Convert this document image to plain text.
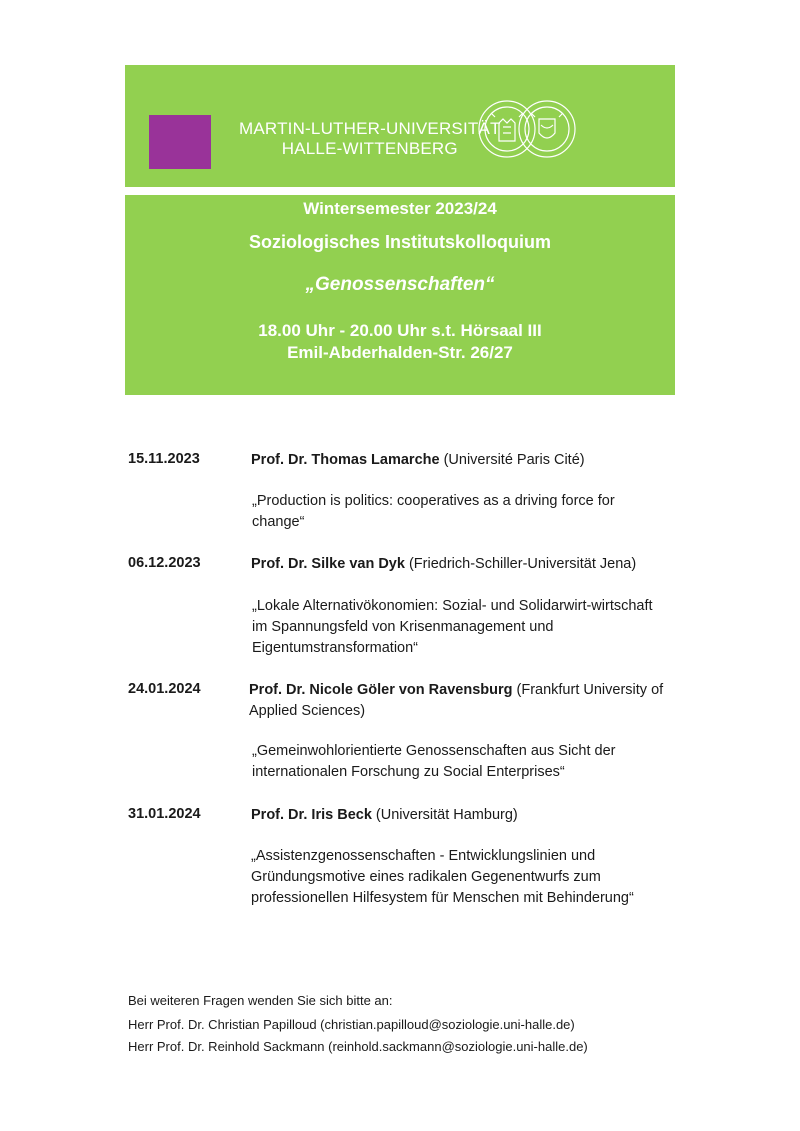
MARTIN-LUTHER-UNIVERSITÄT
HALLE-WITTENBERG
Wintersemester 2023/24
Soziologisches Institutskolloquium
„Genossenschaften“
18.00 Uhr - 20.00 Uhr s.t. Hörsaal III
Emil-Abderhalden-Str. 26/27
15.11.2023	Prof. Dr. Thomas Lamarche (Université Paris Cité)
„Production is politics: cooperatives as a driving force for change“
06.12.2023	Prof. Dr. Silke van Dyk (Friedrich-Schiller-Universität Jena)
„Lokale Alternativökonomien: Sozial- und Solidarwirt-wirtschaft im Spannungsfeld von Krisenmanagement und Eigentumstransformation“
24.01.2024	Prof. Dr. Nicole Göler von Ravensburg (Frankfurt University of Applied Sciences)
„Gemeinwohlorientierte Genossenschaften aus Sicht der internationalen Forschung zu Social Enterprises“
31.01.2024	Prof. Dr. Iris Beck (Universität Hamburg)
„Assistenzgenossenschaften - Entwicklungslinien und Gründungsmotive eines radikalen Gegenentwurfs zum professionellen Hilfesystem für Menschen mit Behinderung“
Bei weiteren Fragen wenden Sie sich bitte an:
Herr Prof. Dr. Christian Papilloud (christian.papilloud@soziologie.uni-halle.de)
Herr Prof. Dr. Reinhold Sackmann (reinhold.sackmann@soziologie.uni-halle.de)
